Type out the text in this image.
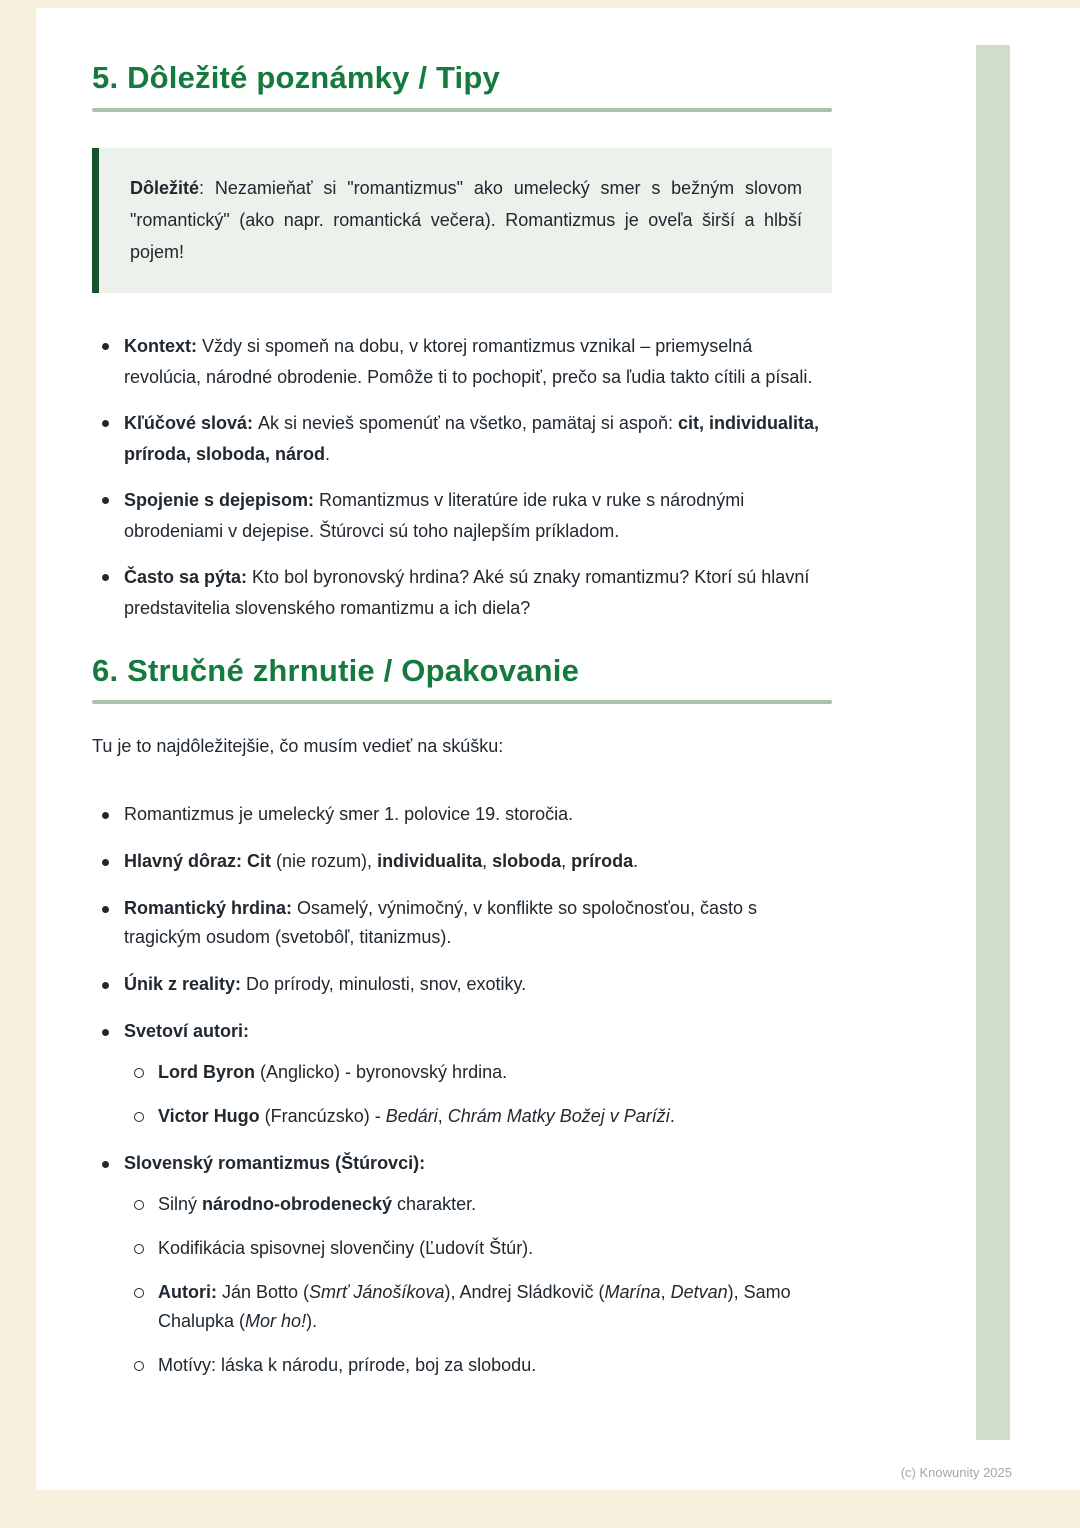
5. Dôležité poznámky / Tipy

Dôležité: Nezamieňať si "romantizmus" ako umelecký smer s bežným slovom "romantický" (ako napr. romantická večera). Romantizmus je oveľa širší a hlbší pojem!

Kontext: Vždy si spomeň na dobu, v ktorej romantizmus vznikal – priemyselná revolúcia, národné obrodenie. Pomôže ti to pochopiť, prečo sa ľudia takto cítili a písali.

Kľúčové slová: Ak si nevieš spomenúť na všetko, pamätaj si aspoň: cit, individualita, príroda, sloboda, národ.

Spojenie s dejepisom: Romantizmus v literatúre ide ruka v ruke s národnými obrodeniami v dejepise. Štúrovci sú toho najlepším príkladom.

Často sa pýta: Kto bol byronovský hrdina? Aké sú znaky romantizmu? Ktorí sú hlavní predstavitelia slovenského romantizmu a ich diela?

6. Stručné zhrnutie / Opakovanie

Tu je to najdôležitejšie, čo musím vedieť na skúšku:

Romantizmus je umelecký smer 1. polovice 19. storočia.

Hlavný dôraz: Cit (nie rozum), individualita, sloboda, príroda.

Romantický hrdina: Osamelý, výnimočný, v konflikte so spoločnosťou, často s tragickým osudom (svetobôľ, titanizmus).

Únik z reality: Do prírody, minulosti, snov, exotiky.

Svetoví autori:

Lord Byron (Anglicko) - byronovský hrdina.

Victor Hugo (Francúzsko) - Bedári, Chrám Matky Božej v Paríži.

Slovenský romantizmus (Štúrovci):

Silný národno-obrodenecký charakter.

Kodifikácia spisovnej slovenčiny (Ľudovít Štúr).

Autori: Ján Botto (Smrť Jánošíkova), Andrej Sládkovič (Marína, Detvan), Samo Chalupka (Mor ho!).

Motívy: láska k národu, prírode, boj za slobodu.

(c) Knowunity 2025
